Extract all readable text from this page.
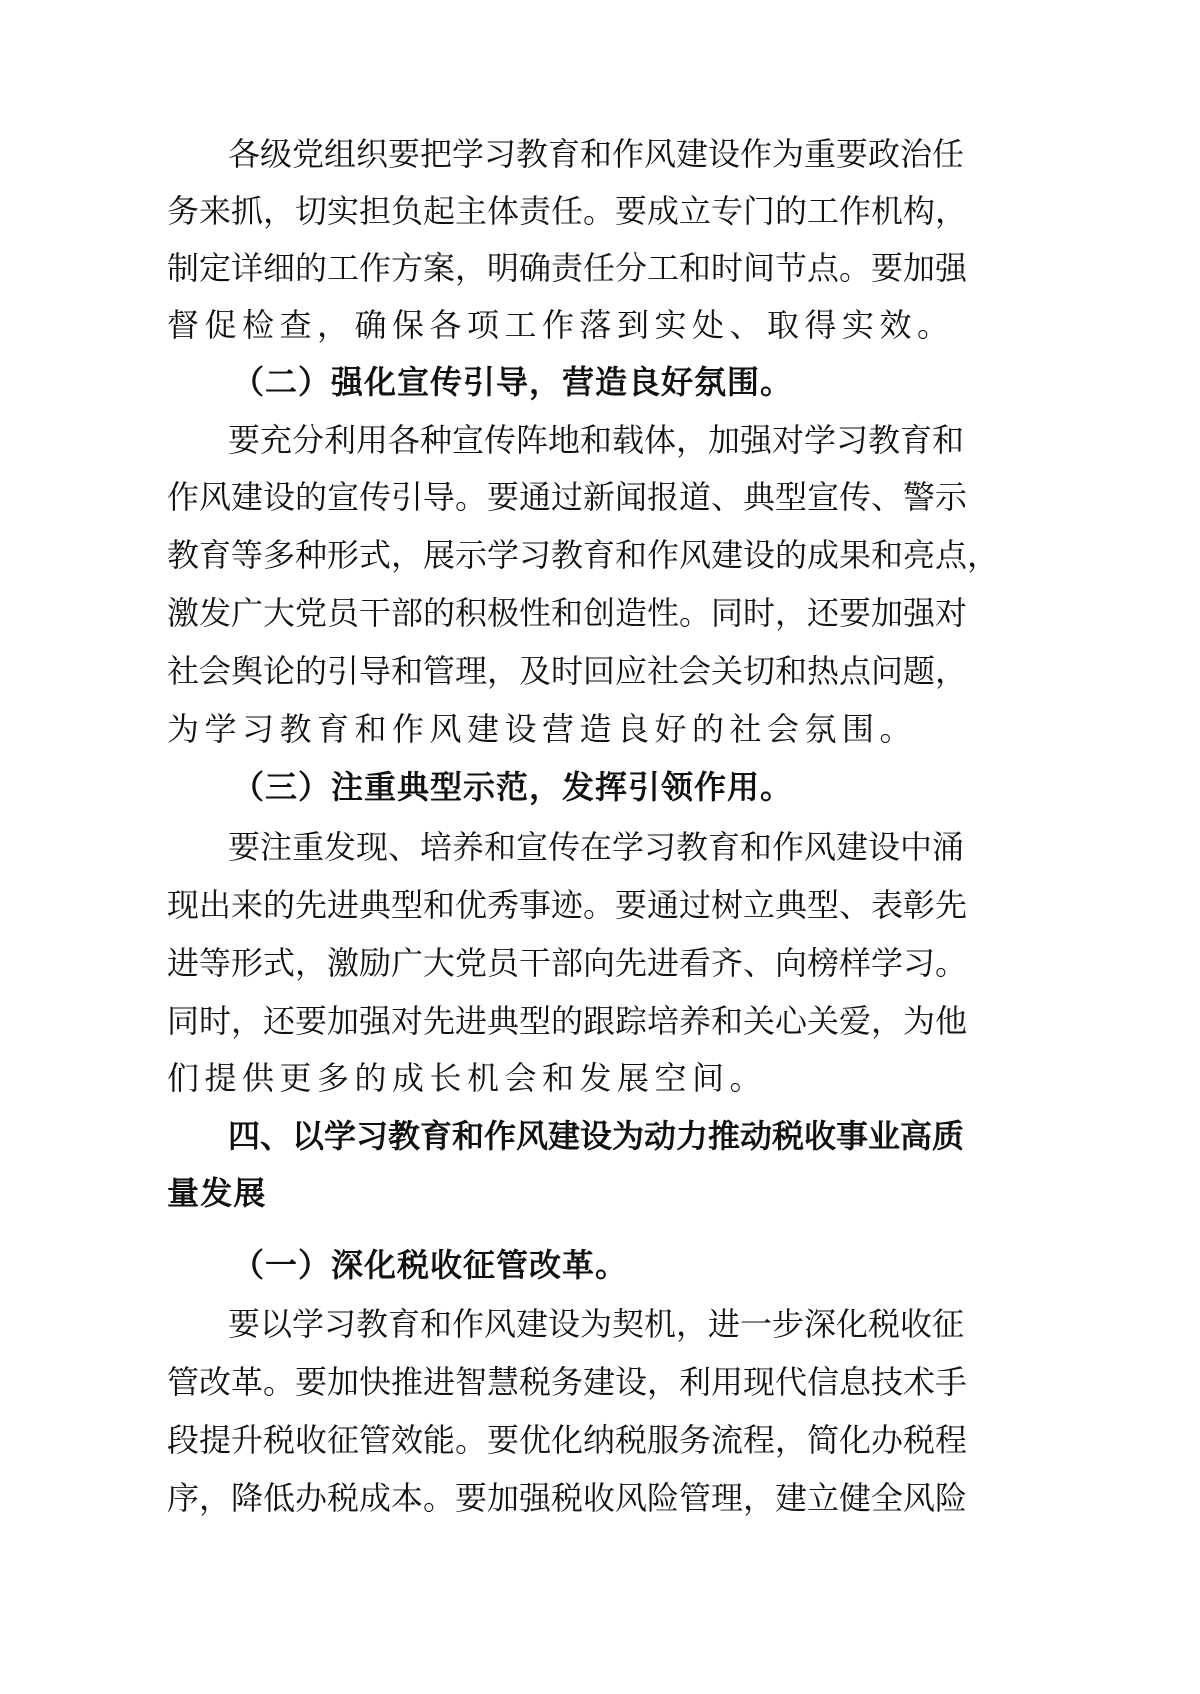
各级党组织要把学习教育和作风建设作为重要政治任
务来抓，切实担负起主体责任。要成立专门的工作机构，
制定详细的工作方案，明确责任分工和时间节点。要加强
督促检查，确保各项工作落到实处、取得实效。
（二）强化宣传引导，营造良好氛围。
要充分利用各种宣传阵地和载体，加强对学习教育和
作风建设的宣传引导。要通过新闻报道、典型宣传、警示
教育等多种形式，展示学习教育和作风建设的成果和亮点，
激发广大党员干部的积极性和创造性。同时，还要加强对
社会舆论的引导和管理，及时回应社会关切和热点问题，
为学习教育和作风建设营造良好的社会氛围。
（三）注重典型示范，发挥引领作用。
要注重发现、培养和宣传在学习教育和作风建设中涌
现出来的先进典型和优秀事迹。要通过树立典型、表彰先
进等形式，激励广大党员干部向先进看齐、向榜样学习。
同时，还要加强对先进典型的跟踪培养和关心关爱，为他
们提供更多的成长机会和发展空间。
四、以学习教育和作风建设为动力推动税收事业高质
量发展
（一）深化税收征管改革。
要以学习教育和作风建设为契机，进一步深化税收征
管改革。要加快推进智慧税务建设，利用现代信息技术手
段提升税收征管效能。要优化纳税服务流程，简化办税程
序，降低办税成本。要加强税收风险管理，建立健全风险
